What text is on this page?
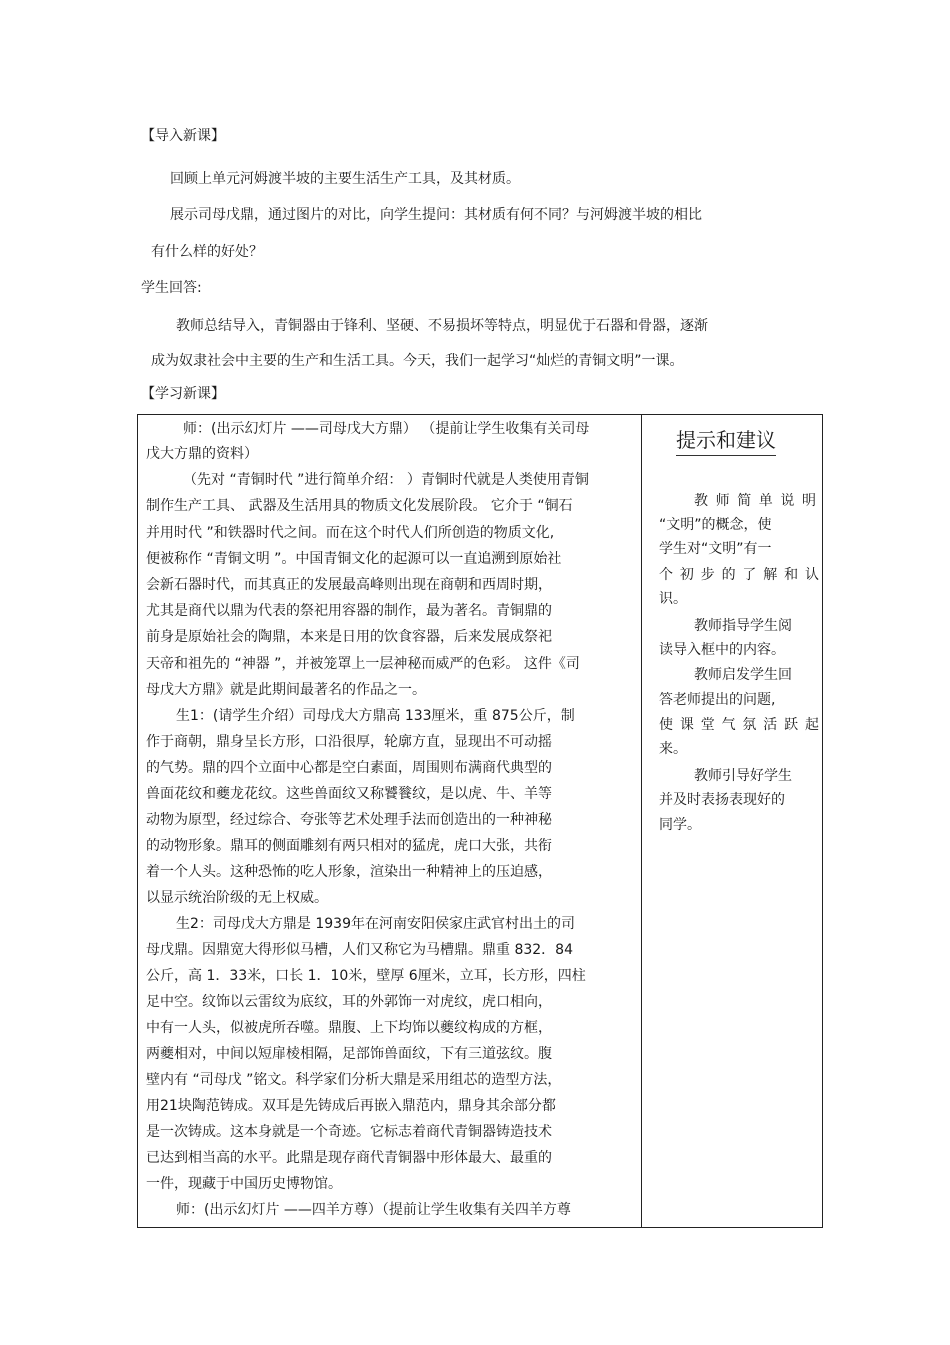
【导入新课】
回顾上单元河姆渡半坡的主要生活生产工具，及其材质。
展示司母戊鼎，通过图片的对比，向学生提问：其材质有何不同？与河姆渡半坡的相比
有什么样的好处？
学生回答:
教师总结导入，青铜器由于锋利、坚硬、不易损坏等特点，明显优于石器和骨器，逐渐
成为奴隶社会中主要的生产和生活工具。今天，我们一起学习“灿烂的青铜文明”一课。
【学习新课】
师：(出示幻灯片 ——司母戊大方鼎） （提前让学生收集有关司母
戊大方鼎的资料）
（先对 “青铜时代 ”进行简单介绍： ）青铜时代就是人类使用青铜
制作生产工具、 武器及生活用具的物质文化发展阶段。 它介于 “铜石
并用时代 ”和铁器时代之间。而在这个时代人们所创造的物质文化,
便被称作 “青铜文明 ”。中国青铜文化的起源可以一直追溯到原始社
会新石器时代，而其真正的发展最高峰则出现在商朝和西周时期，
尤其是商代以鼎为代表的祭祀用容器的制作，最为著名。青铜鼎的
前身是原始社会的陶鼎，本来是日用的饮食容器，后来发展成祭祀
天帝和祖先的 “神器 ”，并被笼罩上一层神秘而威严的色彩。 这件《司
母戊大方鼎》就是此期间最著名的作品之一。
生1：(请学生介绍）司母戊大方鼎高 133厘米，重 875公斤，制
作于商朝，鼎身呈长方形，口沿很厚，轮廓方直，显现出不可动摇
的气势。鼎的四个立面中心都是空白素面，周围则布满商代典型的
兽面花纹和夔龙花纹。这些兽面纹又称饕餮纹，是以虎、牛、羊等
动物为原型，经过综合、夸张等艺术处理手法而创造出的一种神秘
的动物形象。鼎耳的侧面雕刻有两只相对的猛虎，虎口大张，共衔
着一个人头。这种恐怖的吃人形象，渲染出一种精神上的压迫感，
以显示统治阶级的无上权威。
生2：司母戊大方鼎是 1939年在河南安阳侯家庄武官村出土的司
母戊鼎。因鼎宽大得形似马槽，人们又称它为马槽鼎。鼎重 832．84
公斤，高 1．33米，口长 1．10米，壁厚 6厘米，立耳，长方形，四柱
足中空。纹饰以云雷纹为底纹，耳的外郭饰一对虎纹，虎口相向，
中有一人头，似被虎所吞噬。鼎腹、上下均饰以夔纹构成的方框，
两夔相对，中间以短扉棱相隔，足部饰兽面纹，下有三道弦纹。腹
壁内有 “司母戊 ”铭文。科学家们分析大鼎是采用组芯的造型方法，
用21块陶范铸成。双耳是先铸成后再嵌入鼎范内，鼎身其余部分都
是一次铸成。这本身就是一个奇迹。它标志着商代青铜器铸造技术
已达到相当高的水平。此鼎是现存商代青铜器中形体最大、最重的
一件，现藏于中国历史博物馆。
师：(出示幻灯片 ——四羊方尊）（提前让学生收集有关四羊方尊
提示和建议
教 师 简 单 说 明
“文明”的概念，使
学生对“文明”有一
个 初 步 的 了 解 和 认
识。
教师指导学生阅
读导入框中的内容。
教师启发学生回
答老师提出的问题,
使 课 堂 气 氛 活 跃 起
来。
教师引导好学生
并及时表扬表现好的
同学。
